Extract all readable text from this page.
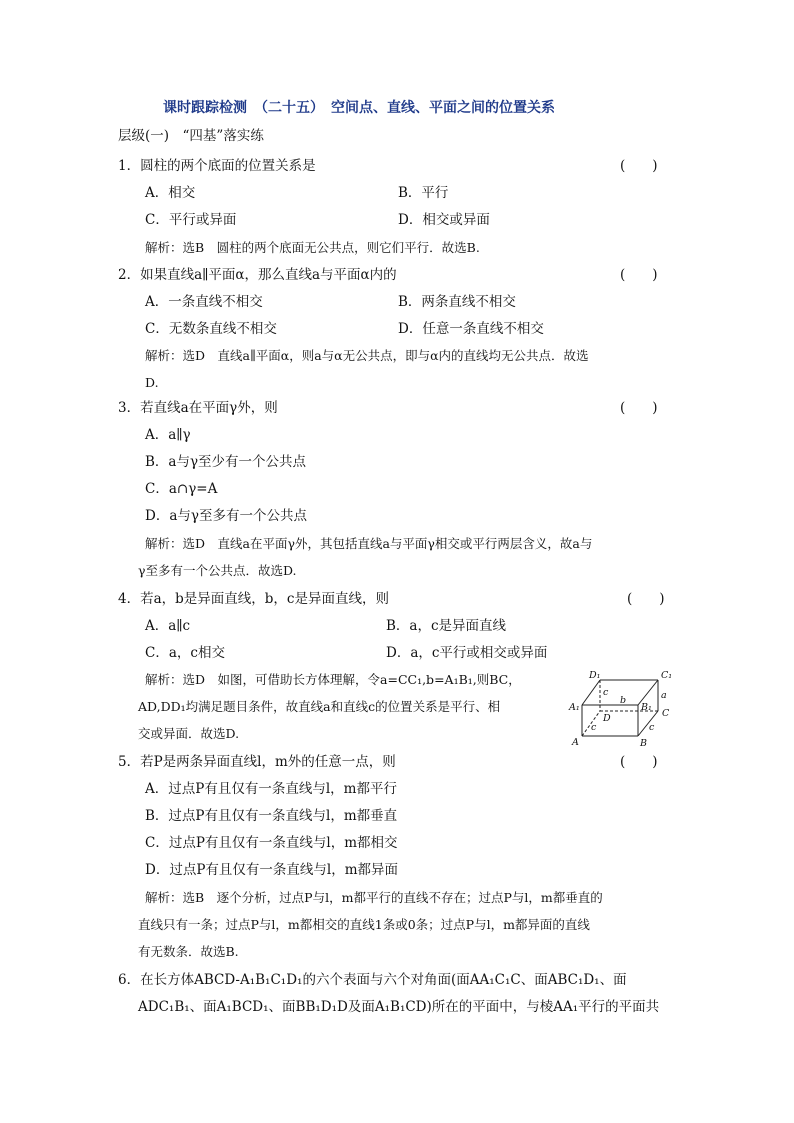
课时跟踪检测　（二十五）　空间点、直线、平面之间的位置关系
层级(一)　“四基”落实练
1．圆柱的两个底面的位置关系是	(　　)
A．相交	B．平行
C．平行或异面	D．相交或异面
解析：选B　圆柱的两个底面无公共点，则它们平行．故选B.
2．如果直线a∥平面α，那么直线a与平面α内的	(　　)
A．一条直线不相交	B．两条直线不相交
C．无数条直线不相交	D．任意一条直线不相交
解析：选D　直线a∥平面α，则a与α无公共点，即与α内的直线均无公共点．故选
D.
3．若直线a在平面γ外，则	(　　)
A．a∥γ
B．a与γ至少有一个公共点
C．a∩γ=A
D．a与γ至多有一个公共点
解析：选D　直线a在平面γ外，其包括直线a与平面γ相交或平行两层含义，故a与
γ至多有一个公共点．故选D.
4．若a，b是异面直线，b，c是异面直线，则	(　　)
A．a∥c	B．a，c是异面直线
C．a，c相交	D．a，c平行或相交或异面
解析：选D　如图，可借助长方体理解，令a=CC₁,b=A₁B₁,则BC，
AD,DD₁均满足题目条件，故直线a和直线c的位置关系是平行、相
交或异面．故选D.
D₁	C₁
A₁	B₁
C
D
A	B
a
b
c
c	c
5．若P是两条异面直线l，m外的任意一点，则	(　　)
A．过点P有且仅有一条直线与l，m都平行
B．过点P有且仅有一条直线与l，m都垂直
C．过点P有且仅有一条直线与l，m都相交
D．过点P有且仅有一条直线与l，m都异面
解析：选B　逐个分析，过点P与l，m都平行的直线不存在；过点P与l，m都垂直的
直线只有一条；过点P与l，m都相交的直线1条或0条；过点P与l，m都异面的直线
有无数条．故选B.
6．在长方体ABCD-A₁B₁C₁D₁的六个表面与六个对角面(面AA₁C₁C、面ABC₁D₁、面
ADC₁B₁、面A₁BCD₁、面BB₁D₁D及面A₁B₁CD)所在的平面中，与棱AA₁平行的平面共
